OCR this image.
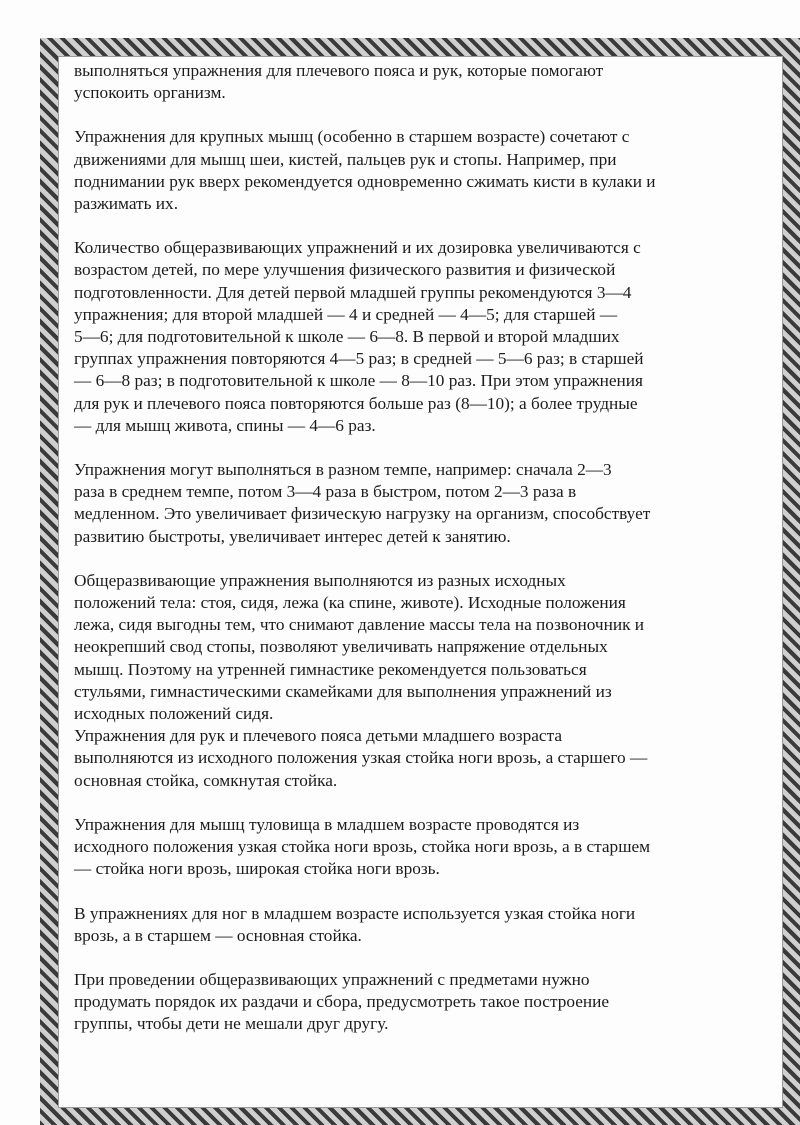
выполняться упражнения для плечевого пояса и рук, которые помогают
успокоить организм.

Упражнения для крупных мышц (особенно в старшем возрасте) сочетают с
движениями для мышц шеи, кистей, пальцев рук и стопы. Например, при
поднимании рук вверх рекомендуется одновременно сжимать кисти в кулаки и
разжимать их.

Количество общеразвивающих упражнений и их дозировка увеличиваются с
возрастом детей, по мере улучшения физического развития и физической
подготовленности. Для детей первой младшей группы рекомендуются 3—4
упражнения; для второй младшей — 4 и средней — 4—5; для старшей —
5—6; для подготовительной к школе — 6—8. В первой и второй младших
группах упражнения повторяются 4—5 раз; в средней — 5—6 раз; в старшей
— 6—8 раз; в подготовительной к школе — 8—10 раз. При этом упражнения
для рук и плечевого пояса повторяются больше раз (8—10); а более трудные
— для мышц живота, спины — 4—6 раз.

Упражнения могут выполняться в разном темпе, например: сначала 2—3
раза в среднем темпе, потом 3—4 раза в быстром, потом 2—3 раза в
медленном. Это увеличивает физическую нагрузку на организм, способствует
развитию быстроты, увеличивает интерес детей к занятию.

Общеразвивающие упражнения выполняются из разных исходных
положений тела: стоя, сидя, лежа (ка спине, животе). Исходные положения
лежа, сидя выгодны тем, что снимают давление массы тела на позвоночник и
неокрепший свод стопы, позволяют увеличивать напряжение отдельных
мышц. Поэтому на утренней гимнастике рекомендуется пользоваться
стульями, гимнастическими скамейками для выполнения упражнений из
исходных положений сидя.
Упражнения для рук и плечевого пояса детьми младшего возраста
выполняются из исходного положения узкая стойка ноги врозь, а старшего —
основная стойка, сомкнутая стойка.

Упражнения для мышц туловища в младшем возрасте проводятся из
исходного положения узкая стойка ноги врозь, стойка ноги врозь, а в старшем
— стойка ноги врозь, широкая стойка ноги врозь.

В упражнениях для ног в младшем возрасте используется узкая стойка ноги
врозь, а в старшем — основная стойка.

При проведении общеразвивающих упражнений с предметами нужно
продумать порядок их раздачи и сбора, предусмотреть такое построение
группы, чтобы дети не мешали друг другу.
